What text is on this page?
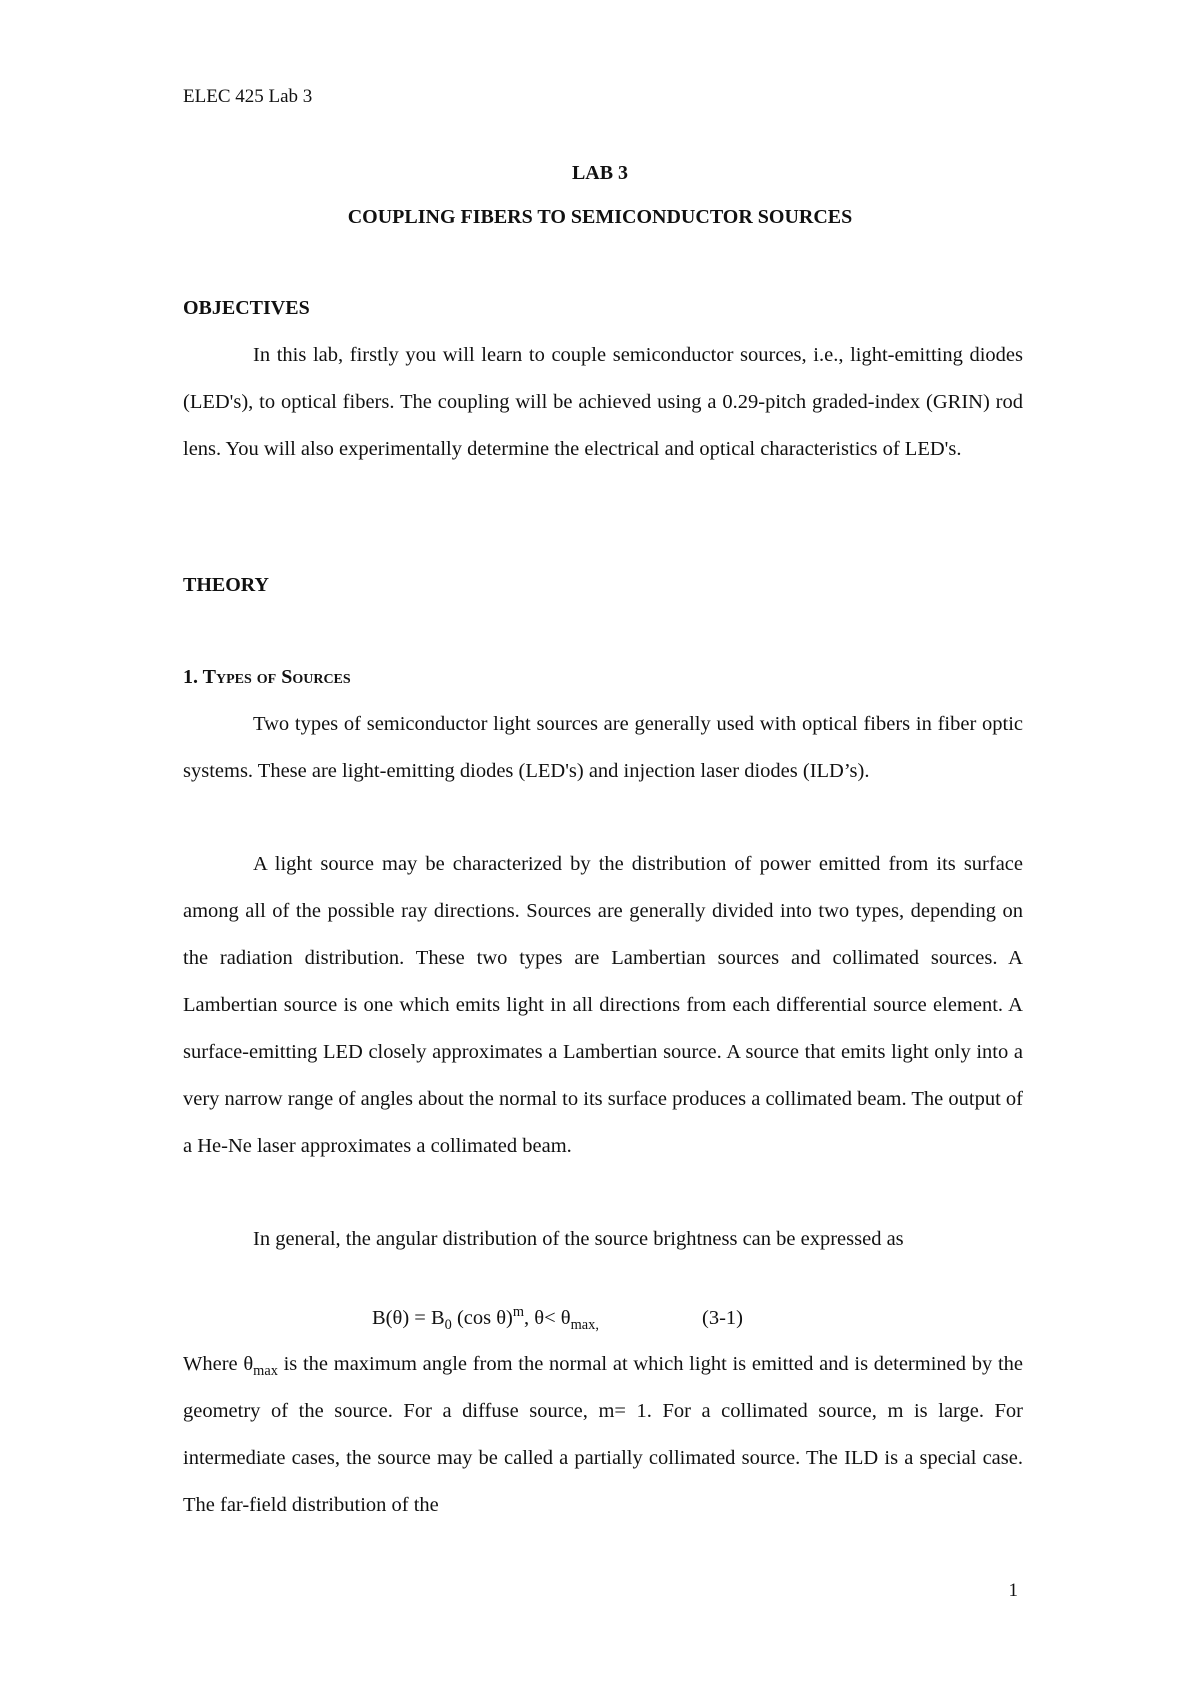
ELEC 425 Lab 3
LAB 3
COUPLING FIBERS TO SEMICONDUCTOR SOURCES
OBJECTIVES

In this lab, firstly you will learn to couple semiconductor sources, i.e., light-emitting diodes (LED's), to optical fibers. The coupling will be achieved using a 0.29-pitch graded-index (GRIN) rod lens. You will also experimentally determine the electrical and optical characteristics of LED's.

THEORY
1. Types of Sources

Two types of semiconductor light sources are generally used with optical fibers in fiber optic systems. These are light-emitting diodes (LED's) and injection laser diodes (ILD’s).

A light source may be characterized by the distribution of power emitted from its surface among all of the possible ray directions. Sources are generally divided into two types, depending on the radiation distribution. These two types are Lambertian sources and collimated sources. A Lambertian source is one which emits light in all directions from each differential source element. A surface-emitting LED closely approximates a Lambertian source. A source that emits light only into a very narrow range of angles about the normal to its surface produces a collimated beam. The output of a He-Ne laser approximates a collimated beam.

In general, the angular distribution of the source brightness can be expressed as

$B(\theta) = B_0$ (cos θ)$^m$, $\theta< \theta_{max,}$	(3-1)

Where $\theta_{max}$ is the maximum angle from the normal at which light is emitted and is determined by the geometry of the source. For a diffuse source, m= 1. For a collimated source, m is large. For intermediate cases, the source may be called a partially collimated source. The ILD is a special case. The far-field distribution of the

1
